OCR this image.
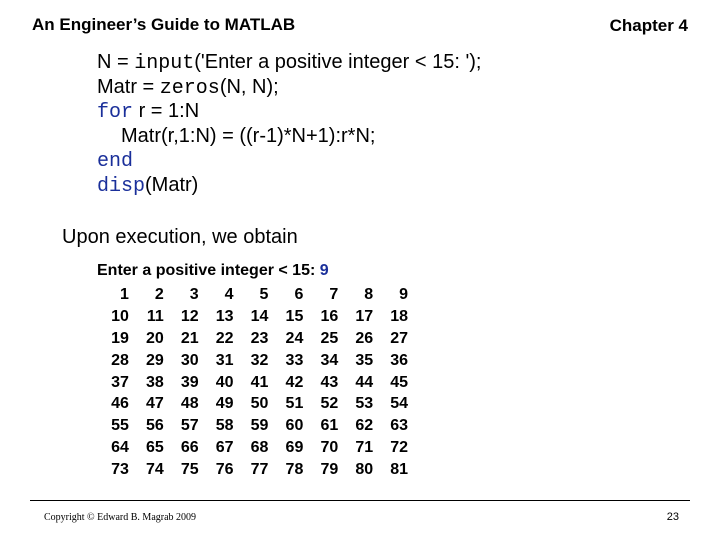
An Engineer’s Guide to MATLAB	Chapter 4
N = input('Enter a positive integer < 15: ');
Matr = zeros(N, N);
for r = 1:N
Matr(r,1:N) = ((r-1)*N+1):r*N;
end
disp(Matr)
Upon execution, we obtain
Enter a positive integer < 15: 9
1	2	3	4	5	6	7	8	9
10	11	12	13	14	15	16	17	18
19	20	21	22	23	24	25	26	27
28	29	30	31	32	33	34	35	36
37	38	39	40	41	42	43	44	45
46	47	48	49	50	51	52	53	54
55	56	57	58	59	60	61	62	63
64	65	66	67	68	69	70	71	72
73	74	75	76	77	78	79	80	81
Copyright © Edward B. Magrab 2009	23
